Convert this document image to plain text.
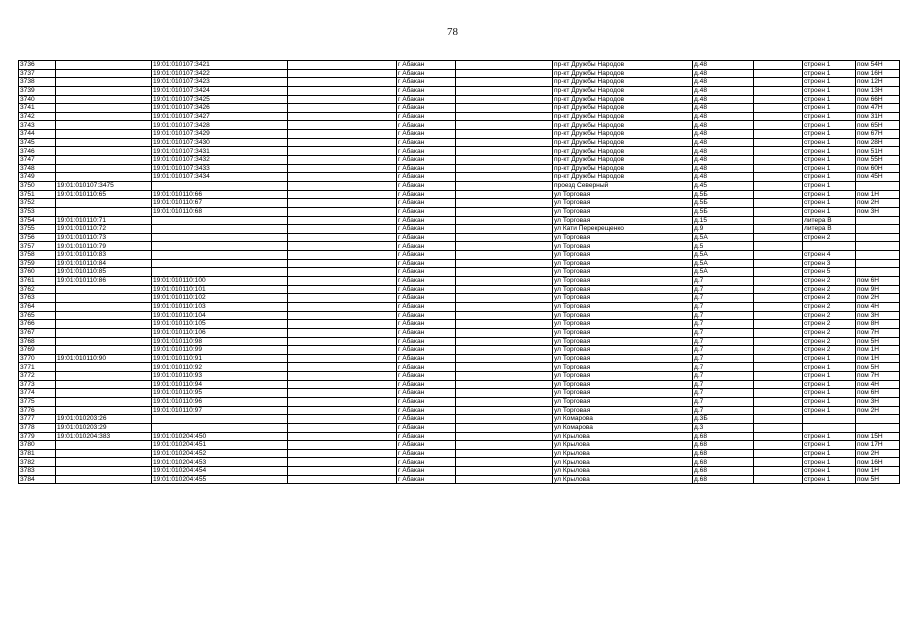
78
3736		19:01:010107:3421		г Абакан		пр-кт Дружбы Народов	д.48		строен 1	пом 54Н
3737		19:01:010107:3422		г Абакан		пр-кт Дружбы Народов	д.48		строен 1	пом 16Н
3738		19:01:010107:3423		г Абакан		пр-кт Дружбы Народов	д.48		строен 1	пом 12Н
3739		19:01:010107:3424		г Абакан		пр-кт Дружбы Народов	д.48		строен 1	пом 13Н
3740		19:01:010107:3425		г Абакан		пр-кт Дружбы Народов	д.48		строен 1	пом 66Н
3741		19:01:010107:3426		г Абакан		пр-кт Дружбы Народов	д.48		строен 1	пом 47Н
3742		19:01:010107:3427		г Абакан		пр-кт Дружбы Народов	д.48		строен 1	пом 31Н
3743		19:01:010107:3428		г Абакан		пр-кт Дружбы Народов	д.48		строен 1	пом 65Н
3744		19:01:010107:3429		г Абакан		пр-кт Дружбы Народов	д.48		строен 1	пом 67Н
3745		19:01:010107:3430		г Абакан		пр-кт Дружбы Народов	д.48		строен 1	пом 28Н
3746		19:01:010107:3431		г Абакан		пр-кт Дружбы Народов	д.48		строен 1	пом 51Н
3747		19:01:010107:3432		г Абакан		пр-кт Дружбы Народов	д.48		строен 1	пом 55Н
3748		19:01:010107:3433		г Абакан		пр-кт Дружбы Народов	д.48		строен 1	пом 60Н
3749		19:01:010107:3434		г Абакан		пр-кт Дружбы Народов	д.48		строен 1	пом 45Н
3750	19:01:010107:3475			г Абакан		проезд Северный	д.45		строен 1	
3751	19:01:010110:65	19:01:010110:66		г Абакан		ул Торговая	д.5Б		строен 1	пом 1Н
3752		19:01:010110:67		г Абакан		ул Торговая	д.5Б		строен 1	пом 2Н
3753		19:01:010110:68		г Абакан		ул Торговая	д.5Б		строен 1	пом 3Н
3754	19:01:010110:71			г Абакан		ул Торговая	д.15		литера В	
3755	19:01:010110:72			г Абакан		ул Кати Перекрещенко	д.9		литера В	
3756	19:01:010110:73			г Абакан		ул Торговая	д.5А		строен 2	
3757	19:01:010110:79			г Абакан		ул Торговая	д.5			
3758	19:01:010110:83			г Абакан		ул Торговая	д.5А		строен 4	
3759	19:01:010110:84			г Абакан		ул Торговая	д.5А		строен 3	
3760	19:01:010110:85			г Абакан		ул Торговая	д.5А		строен 5	
3761	19:01:010110:86	19:01:010110:100		г Абакан		ул Торговая	д.7		строен 2	пом 6Н
3762		19:01:010110:101		г Абакан		ул Торговая	д.7		строен 2	пом 9Н
3763		19:01:010110:102		г Абакан		ул Торговая	д.7		строен 2	пом 2Н
3764		19:01:010110:103		г Абакан		ул Торговая	д.7		строен 2	пом 4Н
3765		19:01:010110:104		г Абакан		ул Торговая	д.7		строен 2	пом 3Н
3766		19:01:010110:105		г Абакан		ул Торговая	д.7		строен 2	пом 8Н
3767		19:01:010110:106		г Абакан		ул Торговая	д.7		строен 2	пом 7Н
3768		19:01:010110:98		г Абакан		ул Торговая	д.7		строен 2	пом 5Н
3769		19:01:010110:99		г Абакан		ул Торговая	д.7		строен 2	пом 1Н
3770	19:01:010110:90	19:01:010110:91		г Абакан		ул Торговая	д.7		строен 1	пом 1Н
3771		19:01:010110:92		г Абакан		ул Торговая	д.7		строен 1	пом 5Н
3772		19:01:010110:93		г Абакан		ул Торговая	д.7		строен 1	пом 7Н
3773		19:01:010110:94		г Абакан		ул Торговая	д.7		строен 1	пом 4Н
3774		19:01:010110:95		г Абакан		ул Торговая	д.7		строен 1	пом 6Н
3775		19:01:010110:96		г Абакан		ул Торговая	д.7		строен 1	пом 3Н
3776		19:01:010110:97		г Абакан		ул Торговая	д.7		строен 1	пом 2Н
3777	19:01:010203:26			г Абакан		ул Комарова	д.3Б			
3778	19:01:010203:29			г Абакан		ул Комарова	д.3			
3779	19:01:010204:383	19:01:010204:450		г Абакан		ул Крылова	д.68		строен 1	пом 15Н
3780		19:01:010204:451		г Абакан		ул Крылова	д.68		строен 1	пом 17Н
3781		19:01:010204:452		г Абакан		ул Крылова	д.68		строен 1	пом 2Н
3782		19:01:010204:453		г Абакан		ул Крылова	д.68		строен 1	пом 16Н
3783		19:01:010204:454		г Абакан		ул Крылова	д.68		строен 1	пом 1Н
3784		19:01:010204:455		г Абакан		ул Крылова	д.68		строен 1	пом 5Н
